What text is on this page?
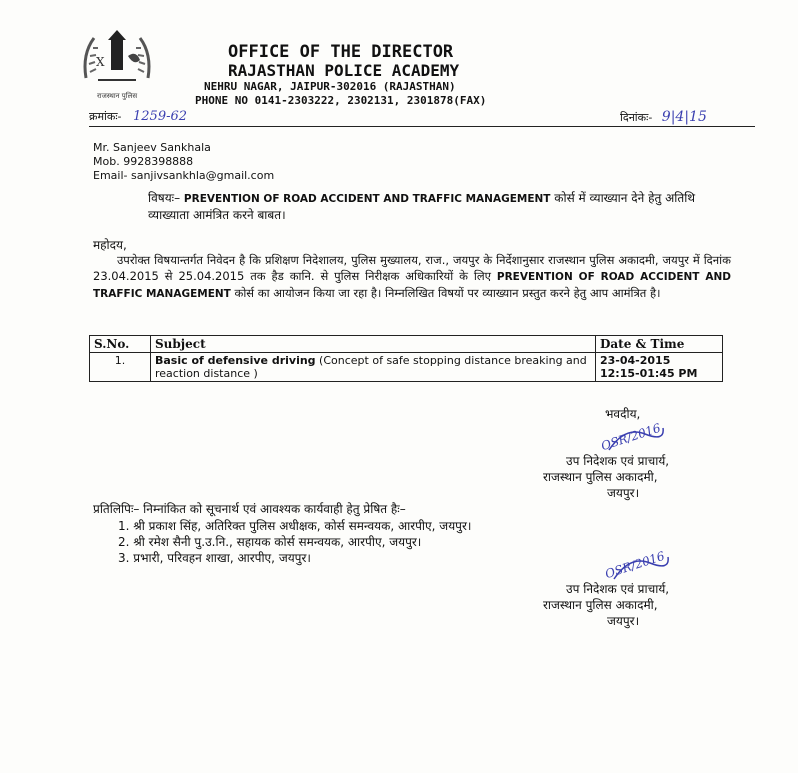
X
राजस्थान पुलिस
OFFICE OF THE DIRECTOR
RAJASTHAN POLICE ACADEMY
NEHRU NAGAR, JAIPUR-302016 (RAJASTHAN)
PHONE NO 0141-2303222, 2302131, 2301878(FAX)
क्रमांकः- 1259-62	दिनांकः- 9|4|15
Mr. Sanjeev Sankhala
Mob. 9928398888
Email- sanjivsankhla@gmail.com
विषयः– PREVENTION OF ROAD ACCIDENT AND TRAFFIC MANAGEMENT कोर्स में व्याख्यान देने हेतु अतिथि व्याख्याता आमंत्रित करने बाबत।
महोदय,
उपरोक्त विषयान्तर्गत निवेदन है कि प्रशिक्षण निदेशालय, पुलिस मुख्यालय, राज., जयपुर के निर्देशानुसार राजस्थान पुलिस अकादमी, जयपुर में दिनांक 23.04.2015 से 25.04.2015 तक हैड कानि. से पुलिस निरीक्षक अधिकारियों के लिए PREVENTION OF ROAD ACCIDENT AND TRAFFIC MANAGEMENT कोर्स का आयोजन किया जा रहा है। निम्नलिखित विषयों पर व्याख्यान प्रस्तुत करने हेतु आप आमंत्रित है।
S.No.	Subject	Date & Time
1.	Basic of defensive driving (Concept of safe stopping distance breaking and reaction distance )	23-04-2015
12:15-01:45 PM
भवदीय,
OSR/2016
उप निदेशक एवं प्राचार्य,
राजस्थान पुलिस अकादमी,
जयपुर।
प्रतिलिपिः– निम्नांकित को सूचनार्थ एवं आवश्यक कार्यवाही हेतु प्रेषित हैः–
1. श्री प्रकाश सिंह, अतिरिक्त पुलिस अधीक्षक, कोर्स समन्वयक, आरपीए, जयपुर।
2. श्री रमेश सैनी पु.उ.नि., सहायक कोर्स समन्वयक, आरपीए, जयपुर।
3. प्रभारी, परिवहन शाखा, आरपीए, जयपुर।	OSR/2016
उप निदेशक एवं प्राचार्य,
राजस्थान पुलिस अकादमी,
जयपुर।
